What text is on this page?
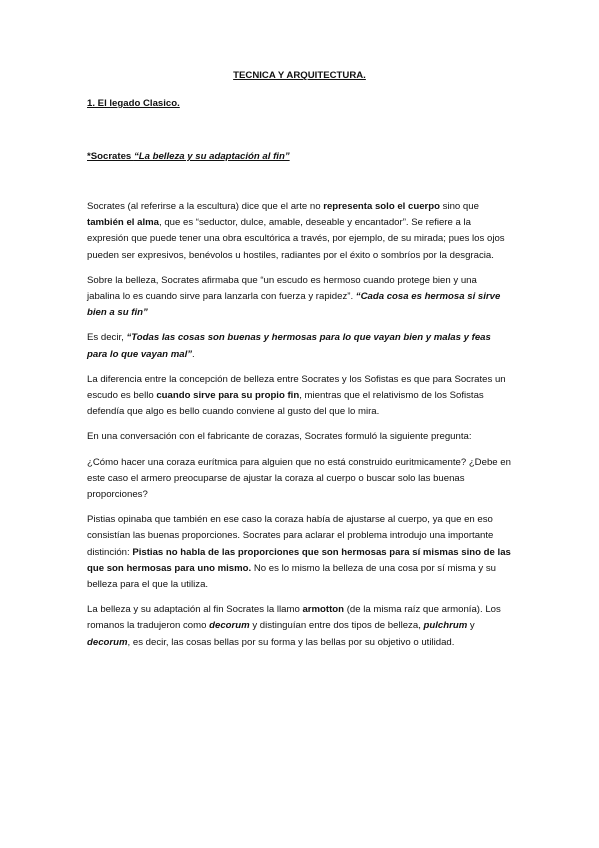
TECNICA Y ARQUITECTURA.
1. El legado Clasico.
*Socrates “La belleza y su adaptación al fin”

Socrates (al referirse a la escultura) dice que el arte no representa solo el cuerpo sino que también el alma, que es “seductor, dulce, amable, deseable y encantador”. Se refiere a la expresión que puede tener una obra escultórica a través, por ejemplo, de su mirada; pues los ojos pueden ser expresivos, benévolos u hostiles, radiantes por el éxito o sombríos por la desgracia.

Sobre la belleza, Socrates afirmaba que “un escudo es hermoso cuando protege bien y una jabalina lo es cuando sirve para lanzarla con fuerza y rapidez”. “Cada cosa es hermosa si sirve bien a su fin”

Es decir, “Todas las cosas son buenas y hermosas para lo que vayan bien y malas y feas para lo que vayan mal”.

La diferencia entre la concepción de belleza entre Socrates y los Sofistas es que para Socrates un escudo es bello cuando sirve para su propio fin, mientras que el relativismo de los Sofistas defendía que algo es bello cuando conviene al gusto del que lo mira.

En una conversación con el fabricante de corazas, Socrates formuló la siguiente pregunta:

¿Cómo hacer una coraza eurítmica para alguien que no está construido euritmicamente? ¿Debe en este caso el armero preocuparse de ajustar la coraza al cuerpo o buscar solo las buenas proporciones?

Pistias opinaba que también en ese caso la coraza había de ajustarse al cuerpo, ya que en eso consistían las buenas proporciones. Socrates para aclarar el problema introdujo una importante distinción: Pistias no habla de las proporciones que son hermosas para sí mismas sino de las que son hermosas para uno mismo. No es lo mismo la belleza de una cosa por sí misma y su belleza para el que la utiliza.

La belleza y su adaptación al fin Socrates la llamo armotton (de la misma raíz que armonía). Los romanos la tradujeron como decorum y distinguían entre dos tipos de belleza, pulchrum y decorum, es decir, las cosas bellas por su forma y las bellas por su objetivo o utilidad.
